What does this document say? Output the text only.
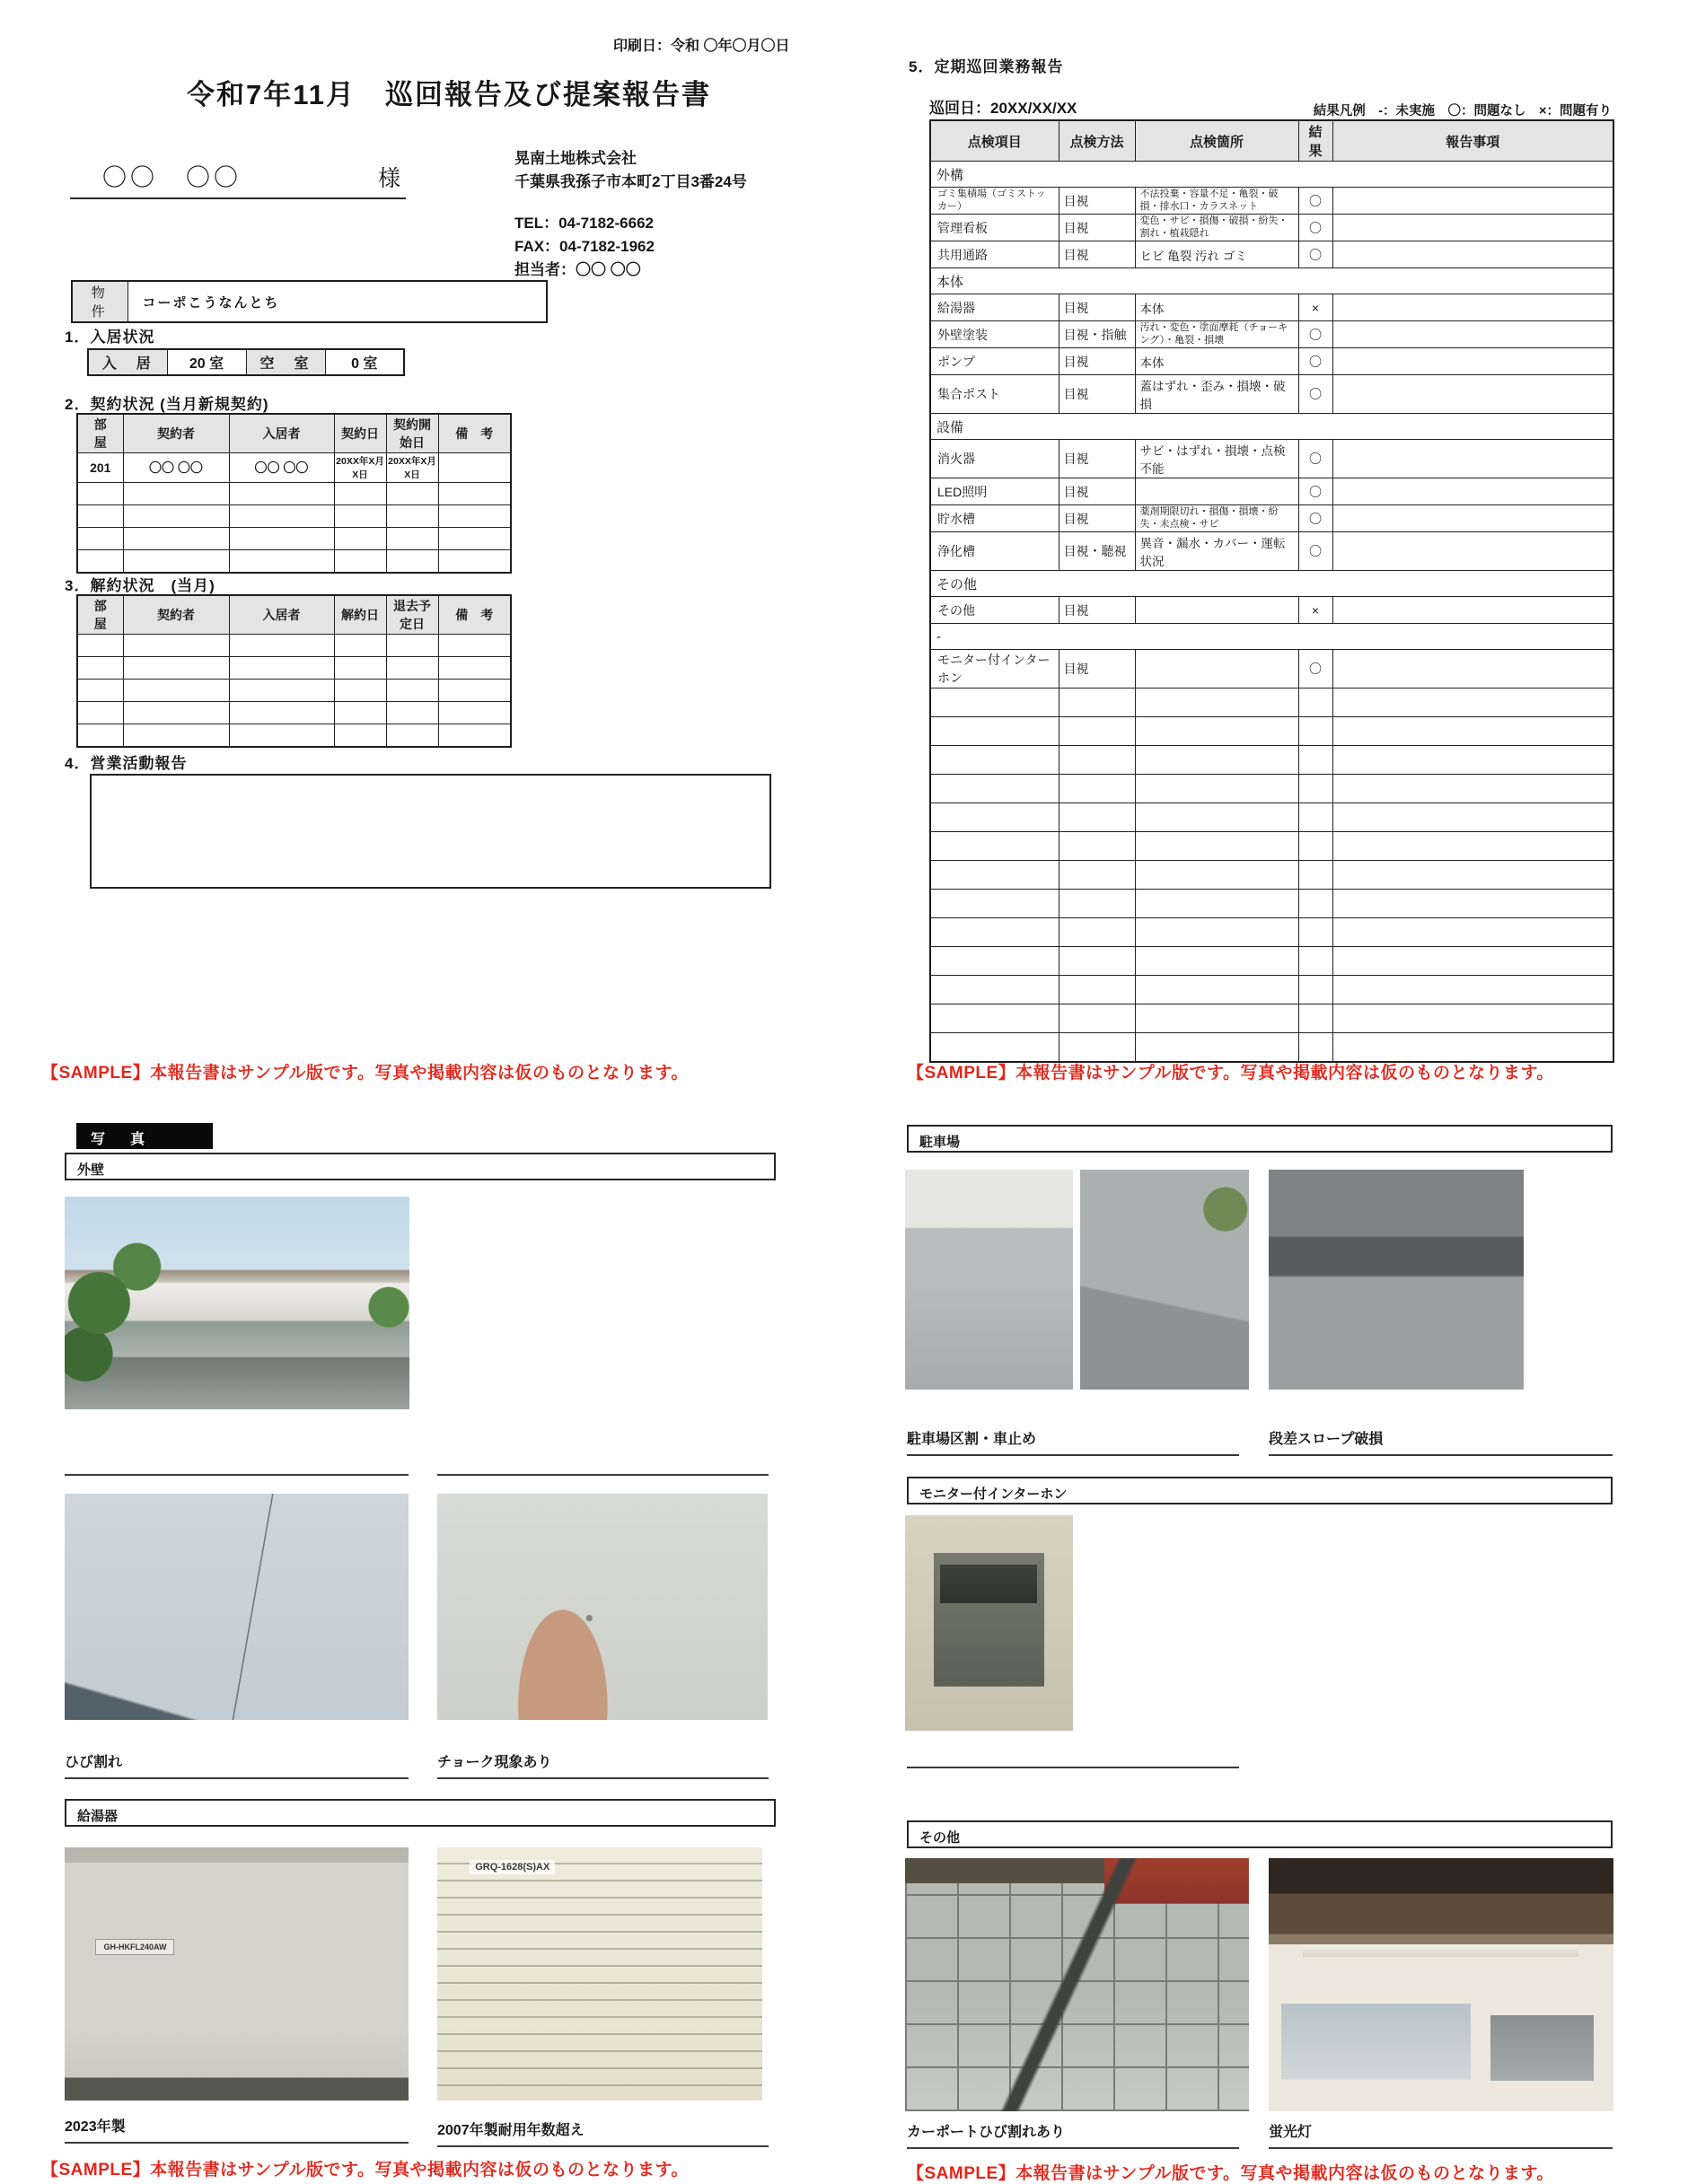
印刷日：令和 〇年〇月〇日
令和7年11月　巡回報告及び提案報告書
〇〇　〇〇	様
晃南土地株式会社
千葉県我孫子市本町2丁目3番24号
TEL：04-7182-6662
FAX：04-7182-1962
担当者：〇〇 〇〇
物　件	コーポこうなんとち
1．入居状況
入　居	20 室	空　室	0 室
2．契約状況 (当月新規契約)
部　屋	契約者	入居者	契約日	契約開始日	備　考
201	〇〇 〇〇	〇〇 〇〇	20XX年X月X日	20XX年X月X日	

3．解約状況　(当月)
部　屋	契約者	入居者	解約日	退去予定日	備　考

4．営業活動報告
【SAMPLE】本報告書はサンプル版です。写真や掲載内容は仮のものとなります。
写　真
外壁
ひび割れ	チョーク現象あり
給湯器
GH-HKFL240AW
GRQ-1628(S)AX
2023年製	2007年製耐用年数超え
【SAMPLE】本報告書はサンプル版です。写真や掲載内容は仮のものとなります。
5．定期巡回業務報告
巡回日：20XX/XX/XX	結果凡例　-：未実施　〇：問題なし　×：問題有り
点検項目	点検方法	点検箇所	結果	報告事項
外構				
ゴミ集積場（ゴミストッカー）	目視	不法投棄・容量不足・亀裂・破損・排水口・カラスネット	〇	
管理看板	目視	変色・サビ・損傷・破損・紛失・割れ・植栽隠れ	〇	
共用通路	目視	ヒビ 亀裂 汚れ ゴミ	〇	
本体				
給湯器	目視	本体	×	
外壁塗装	目視・指触	汚れ・変色・塗面摩耗（チョーキング）・亀裂・損壊	〇	
ポンプ	目視	本体	〇	
集合ポスト	目視	蓋はずれ・歪み・損壊・破損	〇	
設備				
消火器	目視	サビ・はずれ・損壊・点検不能	〇	
LED照明	目視		〇	
貯水槽	目視	薬剤期限切れ・損傷・損壊・紛失・未点検・サビ	〇	
浄化槽	目視・聴視	異音・漏水・カバー・運転状況	〇	
その他				
その他	目視		×	
-				
モニター付インターホン	目視		〇	

【SAMPLE】本報告書はサンプル版です。写真や掲載内容は仮のものとなります。
駐車場
駐車場区割・車止め	段差スロープ破損
モニター付インターホン
その他
カーポートひび割れあり	蛍光灯
【SAMPLE】本報告書はサンプル版です。写真や掲載内容は仮のものとなります。
